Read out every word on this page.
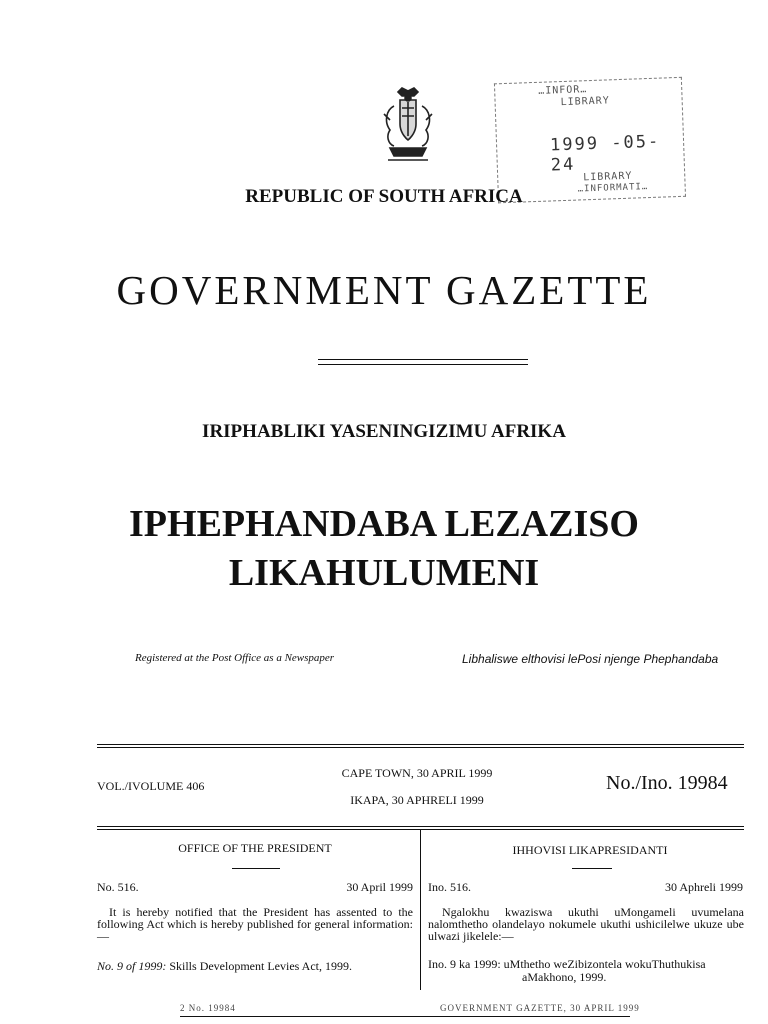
…INFOR…
LIBRARY
1999 -05- 24
LIBRARY
…INFORMATI…
REPUBLIC OF SOUTH AFRICA
GOVERNMENT GAZETTE
IRIPHABLIKI YASENINGIZIMU AFRIKA
IPHEPHANDABA LEZAZISO
LIKAHULUMENI
Registered at the Post Office as a Newspaper	Libhaliswe elthovisi lePosi njenge Phephandaba
VOL./IVOLUME 406
CAPE TOWN, 30 APRIL 1999
IKAPA, 30 APHRELI 1999
No./Ino. 19984
OFFICE OF THE PRESIDENT
No. 516.	30 April 1999
It is hereby notified that the President has assented to the following Act which is hereby published for general information:—
No. 9 of 1999: Skills Development Levies Act, 1999.
IHHOVISI LIKAPRESIDANTI
Ino. 516.	30 Aphreli 1999
Ngalokhu kwaziswa ukuthi uMongameli uvumelana nalomthetho olandelayo nokumele ukuthi ushicilelwe ukuze ube ulwazi jikelele:—
Ino. 9 ka 1999: uMthetho weZibizontela wokuThuthukisa
aMakhono, 1999.
2 No. 19984	GOVERNMENT GAZETTE, 30 APRIL 1999
